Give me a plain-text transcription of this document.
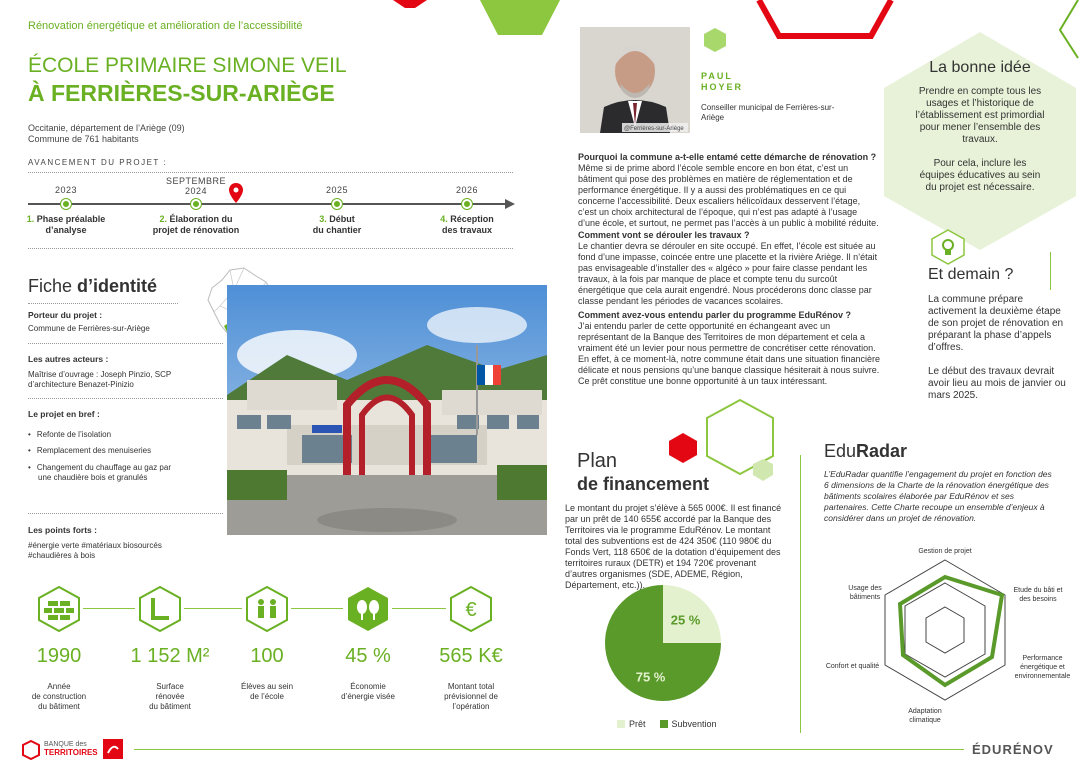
Rénovation énergétique et amélioration de l’accessibilité
ÉCOLE PRIMAIRE SIMONE VEIL
À FERRIÈRES-SUR-ARIÈGE
Occitanie, département de l’Ariège (09)
Commune de 761 habitants
AVANCEMENT DU PROJET :
2023
SEPTEMBRE
2024	2025	2026
1. Phase préalable
d’analyse
2. Élaboration du
projet de rénovation
3. Début
du chantier
4. Réception
des travaux
Fiche d’identité
Porteur du projet :
Commune de Ferrières-sur-Ariège
Les autres acteurs :
Maîtrise d’ouvrage : Joseph Pinzio, SCP
d’architecture Benazet-Pinizio
Le projet en bref :
• Refonte de l’isolation
• Remplacement des menuiseries
• Changement du chauffage au gaz par
une chaudière bois et granulés
Les points forts :
#énergie verte #matériaux biosourcés
#chaudières à bois
€
1990	1 152 M²	100	45 %	565 K€
Année
de construction
du bâtiment
Surface
rénovée
du bâtiment
Élèves au sein
de l’école
Économie
d’énergie visée
Montant total
prévisionnel de
l’opération
@Ferrières-sur-Ariège
PAUL
HOYER
Conseiller municipal de Ferrières-sur-
Ariège
Pourquoi la commune a-t-elle entamé cette démarche de rénovation ?
Même si de prime abord l’école semble encore en bon état, c’est un
bâtiment qui pose des problèmes en matière de réglementation et de
performance énergétique. Il y a aussi des problématiques en ce qui
concerne l’accessibilité. Deux escaliers hélicoïdaux desservent l’étage,
c’est un choix architectural de l’époque, qui n’est pas adapté à l’usage
d’une école, et surtout, ne permet pas l’accès à un public à mobilité réduite.
Comment vont se dérouler les travaux ?
Le chantier devra se dérouler en site occupé. En effet, l’école est située au
fond d’une impasse, coincée entre une placette et la rivière Ariège. Il n’était
pas envisageable d’installer des « algéco » pour faire classe pendant les
travaux, à la fois par manque de place et compte tenu du surcoût
énergétique que cela aurait engendré. Nous procéderons donc classe par
classe pendant les périodes de vacances scolaires.
Comment avez-vous entendu parler du programme EduRénov ?
J’ai entendu parler de cette opportunité en échangeant avec un
représentant de la Banque des Territoires de mon département et cela a
vraiment été un levier pour nous permettre de concrétiser cette rénovation.
En effet, à ce moment-là, notre commune était dans une situation financière
délicate et nous pensions qu’une banque classique hésiterait à nous suivre.
Ce prêt constitue une bonne opportunité à un taux intéressant.
La bonne idée
Prendre en compte tous les
usages et l’historique de
l’établissement est primordial
pour mener l’ensemble des
travaux.
Pour cela, inclure les
équipes éducatives au sein
du projet est nécessaire.
Et demain ?
La commune prépare
activement la deuxième étape
de son projet de rénovation en
préparant la phase d’appels
d’offres.
Le début des travaux devrait
avoir lieu au mois de janvier ou
mars 2025.
Plan
de financement
Le montant du projet s’élève à 565 000€. Il est financé
par un prêt de 140 655€ accordé par la Banque des
Territoires via le programme EduRénov. Le montant
total des subventions est de 424 350€ (110 980€ du
Fonds Vert, 118 650€ de la dotation d’équipement des
territoires ruraux (DETR) et 194 720€ provenant
d’autres organismes (SDE, ADEME, Région,
Département, etc.)).
25 %
75 %
Prêt	Subvention
EduRadar
L’EduRadar quantifie l’engagement du projet en fonction des
6 dimensions de la Charte de la rénovation énergétique des
bâtiments scolaires élaborée par EduRénov et ses
partenaires. Cette Charte recoupe un ensemble d’enjeux à
considérer dans un projet de rénovation.
Gestion de projet
Etude du bâti et des besoins
Performance énergétique et environnementale
Adaptation climatique
Confort et qualité
Usage des bâtiments
BANQUE des
TERRITOIRES	ÉDURÉNOV
